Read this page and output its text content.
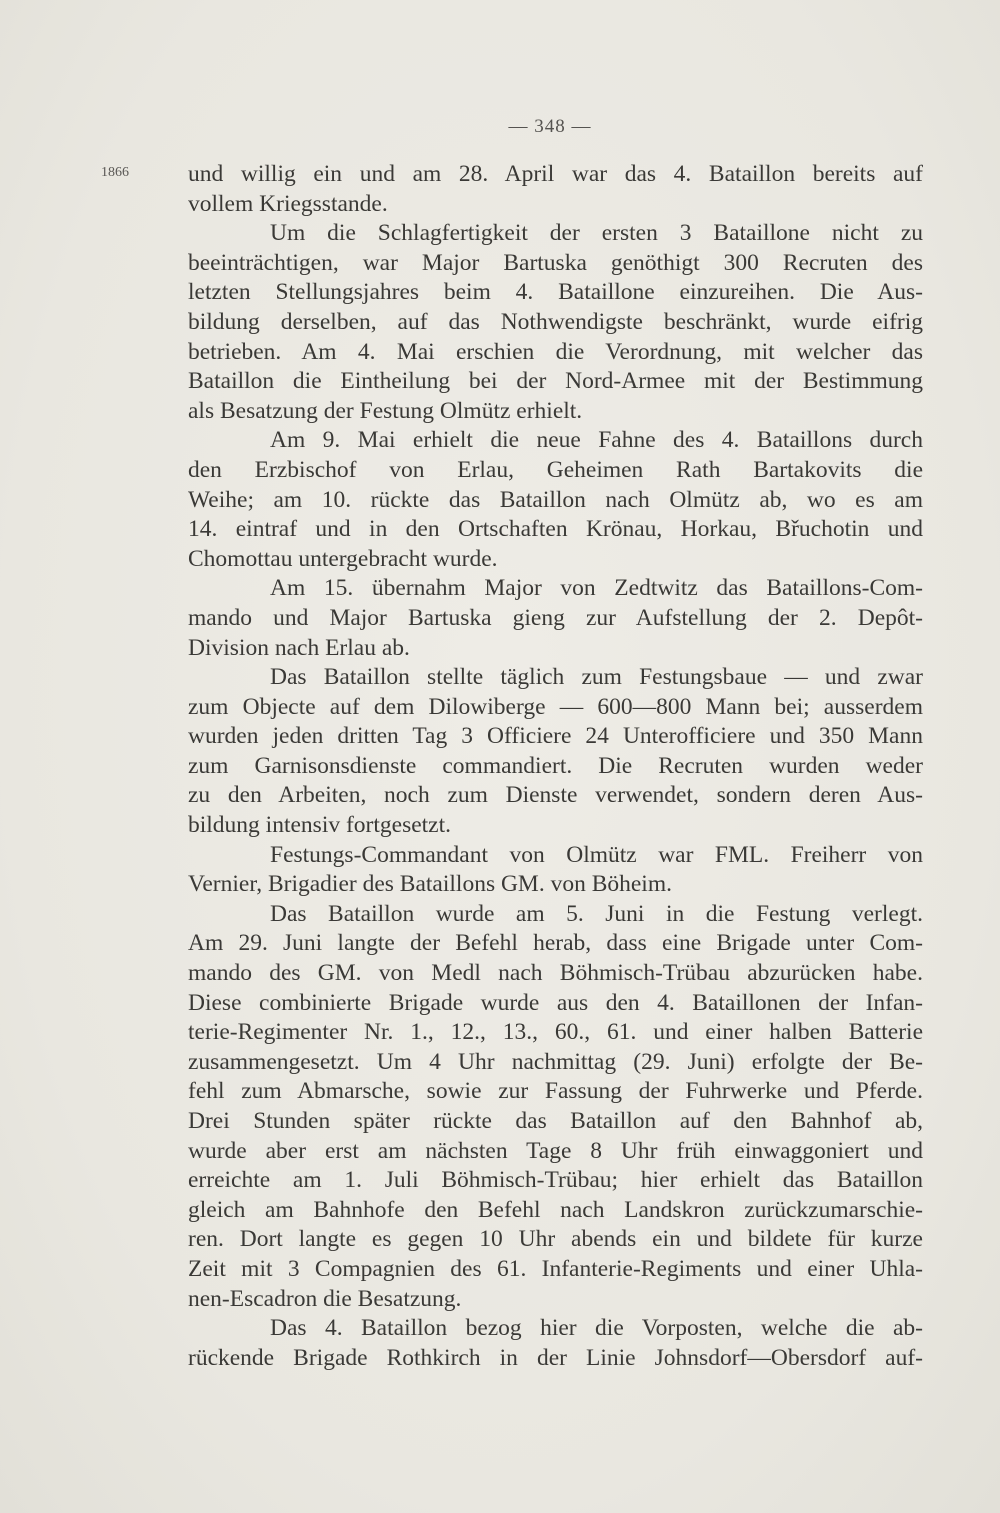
— 348 —
1866	und willig ein und am 28. April war das 4. Bataillon bereits auf
vollem Kriegsstande.
Um die Schlagfertigkeit der ersten 3 Bataillone nicht zu
beeinträchtigen, war Major Bartuska genöthigt 300 Recruten des
letzten Stellungsjahres beim 4. Bataillone einzureihen. Die Aus-
bildung derselben, auf das Nothwendigste beschränkt, wurde eifrig
betrieben. Am 4. Mai erschien die Verordnung, mit welcher das
Bataillon die Eintheilung bei der Nord-Armee mit der Bestimmung
als Besatzung der Festung Olmütz erhielt.
Am 9. Mai erhielt die neue Fahne des 4. Bataillons durch
den Erzbischof von Erlau, Geheimen Rath Bartakovits die
Weihe; am 10. rückte das Bataillon nach Olmütz ab, wo es am
14. eintraf und in den Ortschaften Krönau, Horkau, Břuchotin und
Chomottau untergebracht wurde.
Am 15. übernahm Major von Zedtwitz das Bataillons-Com-
mando und Major Bartuska gieng zur Aufstellung der 2. Depôt-
Division nach Erlau ab.
Das Bataillon stellte täglich zum Festungsbaue — und zwar
zum Objecte auf dem Dilowiberge — 600—800 Mann bei; ausserdem
wurden jeden dritten Tag 3 Officiere 24 Unterofficiere und 350 Mann
zum Garnisonsdienste commandiert. Die Recruten wurden weder
zu den Arbeiten, noch zum Dienste verwendet, sondern deren Aus-
bildung intensiv fortgesetzt.
Festungs-Commandant von Olmütz war FML. Freiherr von
Vernier, Brigadier des Bataillons GM. von Böheim.
Das Bataillon wurde am 5. Juni in die Festung verlegt.
Am 29. Juni langte der Befehl herab, dass eine Brigade unter Com-
mando des GM. von Medl nach Böhmisch-Trübau abzurücken habe.
Diese combinierte Brigade wurde aus den 4. Bataillonen der Infan-
terie-Regimenter Nr. 1., 12., 13., 60., 61. und einer halben Batterie
zusammengesetzt. Um 4 Uhr nachmittag (29. Juni) erfolgte der Be-
fehl zum Abmarsche, sowie zur Fassung der Fuhrwerke und Pferde.
Drei Stunden später rückte das Bataillon auf den Bahnhof ab,
wurde aber erst am nächsten Tage 8 Uhr früh einwaggoniert und
erreichte am 1. Juli Böhmisch-Trübau; hier erhielt das Bataillon
gleich am Bahnhofe den Befehl nach Landskron zurückzumarschie-
ren. Dort langte es gegen 10 Uhr abends ein und bildete für kurze
Zeit mit 3 Compagnien des 61. Infanterie-Regiments und einer Uhla-
nen-Escadron die Besatzung.
Das 4. Bataillon bezog hier die Vorposten, welche die ab-
rückende Brigade Rothkirch in der Linie Johnsdorf—Obersdorf auf-
